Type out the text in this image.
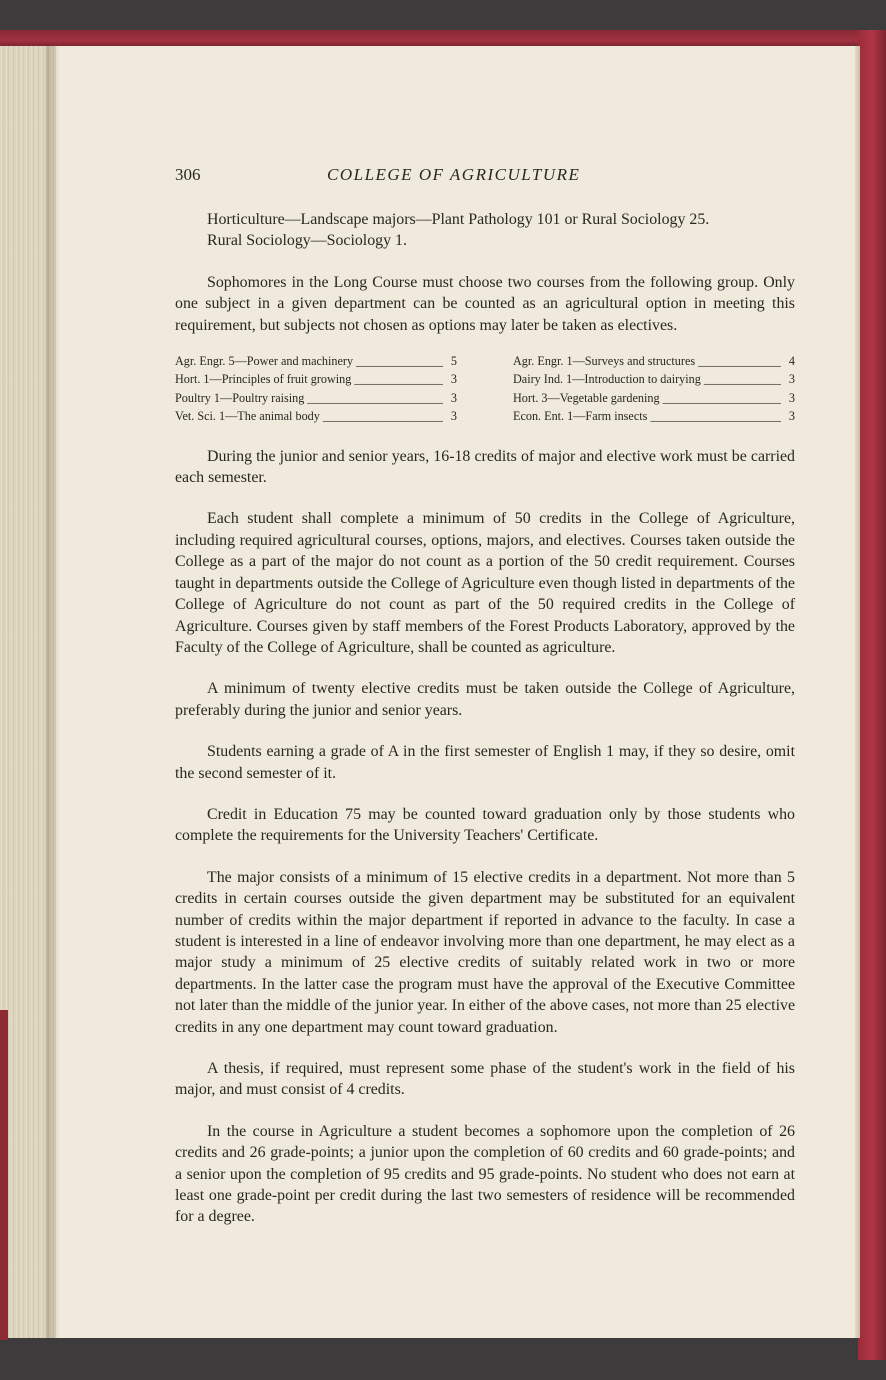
306	COLLEGE OF AGRICULTURE
Horticulture—Landscape majors—Plant Pathology 101 or Rural Sociology 25.
Rural Sociology—Sociology 1.

Sophomores in the Long Course must choose two courses from the following group. Only one subject in a given department can be counted as an agricultural option in meeting this requirement, but subjects not chosen as options may later be taken as electives.

Agr. Engr. 5—Power and machinery _____	5
Hort. 1—Principles of fruit growing _____	3
Poultry 1—Poultry raising _____	3
Vet. Sci. 1—The animal body _____	3
Agr. Engr. 1—Surveys and structures _____	4
Dairy Ind. 1—Introduction to dairying _____	3
Hort. 3—Vegetable gardening _____	3
Econ. Ent. 1—Farm insects _____	3

During the junior and senior years, 16-18 credits of major and elective work must be carried each semester.

Each student shall complete a minimum of 50 credits in the College of Agriculture, including required agricultural courses, options, majors, and electives. Courses taken outside the College as a part of the major do not count as a portion of the 50 credit requirement. Courses taught in departments outside the College of Agriculture even though listed in departments of the College of Agriculture do not count as part of the 50 required credits in the College of Agriculture. Courses given by staff members of the Forest Products Laboratory, approved by the Faculty of the College of Agriculture, shall be counted as agriculture.

A minimum of twenty elective credits must be taken outside the College of Agriculture, preferably during the junior and senior years.

Students earning a grade of A in the first semester of English 1 may, if they so desire, omit the second semester of it.

Credit in Education 75 may be counted toward graduation only by those students who complete the requirements for the University Teachers' Certificate.

The major consists of a minimum of 15 elective credits in a department. Not more than 5 credits in certain courses outside the given department may be substituted for an equivalent number of credits within the major department if reported in advance to the faculty. In case a student is interested in a line of endeavor involving more than one department, he may elect as a major study a minimum of 25 elective credits of suitably related work in two or more departments. In the latter case the program must have the approval of the Executive Committee not later than the middle of the junior year. In either of the above cases, not more than 25 elective credits in any one department may count toward graduation.

A thesis, if required, must represent some phase of the student's work in the field of his major, and must consist of 4 credits.

In the course in Agriculture a student becomes a sophomore upon the completion of 26 credits and 26 grade-points; a junior upon the completion of 60 credits and 60 grade-points; and a senior upon the completion of 95 credits and 95 grade-points. No student who does not earn at least one grade-point per credit during the last two semesters of residence will be recommended for a degree.
